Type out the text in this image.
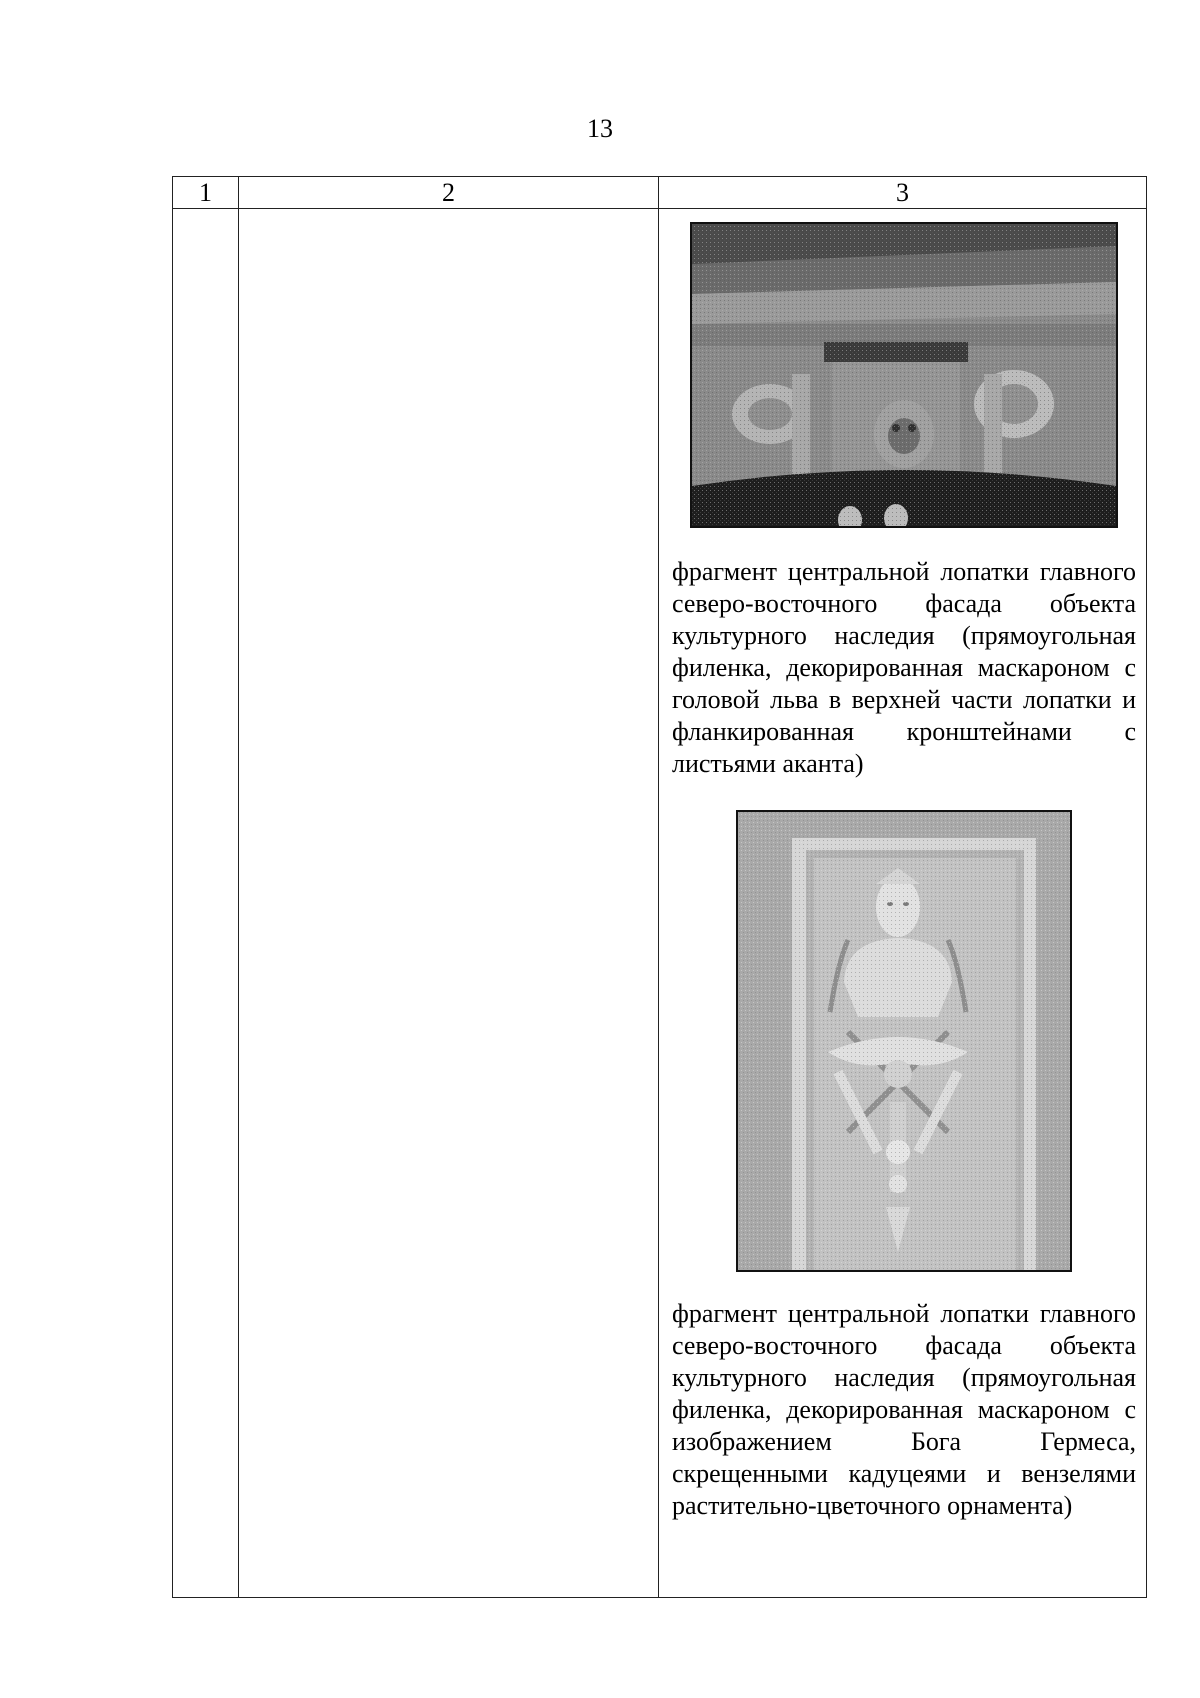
13
1	2	3

		фрагмент центральной лопатки главного северо-восточного фасада объекта культурного наследия (прямоугольная филенка, декорированная маскароном с головой льва в верхней части лопатки и фланкированная кронштейнами с листьями аканта)

фрагмент центральной лопатки главного северо-восточного фасада объекта культурного наследия (прямоугольная филенка, декорированная маскароном с изображением Бога Гермеса, скрещенными кадуцеями и вензелями растительно-цветочного орнамента)
